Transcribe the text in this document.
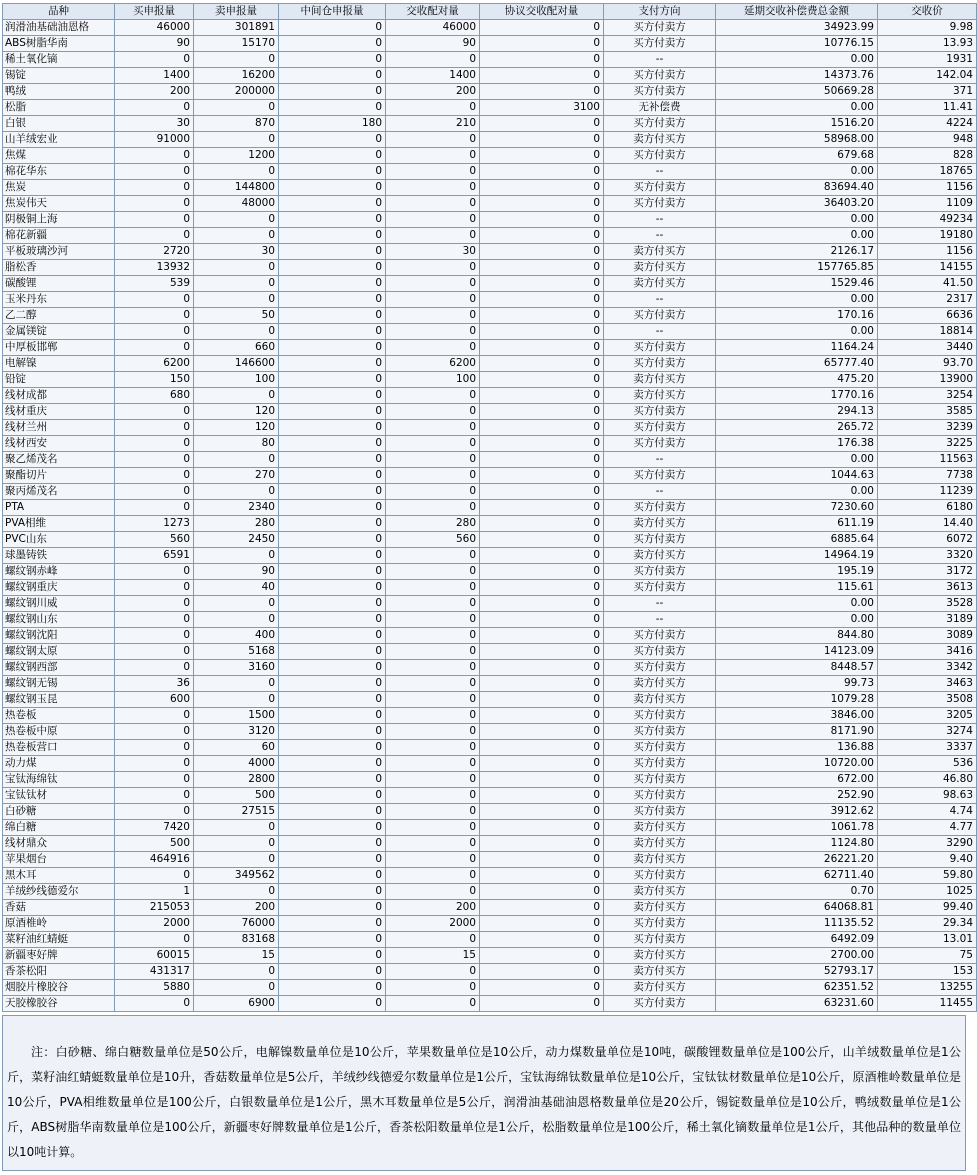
品种	买申报量	卖申报量	中间仓申报量	交收配对量	协议交收配对量	支付方向	延期交收补偿费总金额	交收价
润滑油基础油恩格	46000	301891	0	46000	0	买方付卖方	34923.99	9.98
ABS树脂华南	90	15170	0	90	0	买方付卖方	10776.15	13.93
稀土氧化镝	0	0	0	0	0	--	0.00	1931
锡锭	1400	16200	0	1400	0	买方付卖方	14373.76	142.04
鸭绒	200	200000	0	200	0	买方付卖方	50669.28	371
松脂	0	0	0	0	3100	无补偿费	0.00	11.41
白银	30	870	180	210	0	买方付卖方	1516.20	4224
山羊绒宏业	91000	0	0	0	0	卖方付买方	58968.00	948
焦煤	0	1200	0	0	0	买方付卖方	679.68	828
棉花华东	0	0	0	0	0	--	0.00	18765
焦炭	0	144800	0	0	0	买方付卖方	83694.40	1156
焦炭伟天	0	48000	0	0	0	买方付卖方	36403.20	1109
阴极铜上海	0	0	0	0	0	--	0.00	49234
棉花新疆	0	0	0	0	0	--	0.00	19180
平板玻璃沙河	2720	30	0	30	0	卖方付买方	2126.17	1156
脂松香	13932	0	0	0	0	卖方付买方	157765.85	14155
碳酸锂	539	0	0	0	0	卖方付买方	1529.46	41.50
玉米丹东	0	0	0	0	0	--	0.00	2317
乙二醇	0	50	0	0	0	买方付卖方	170.16	6636
金属镁锭	0	0	0	0	0	--	0.00	18814
中厚板邯郸	0	660	0	0	0	买方付卖方	1164.24	3440
电解镍	6200	146600	0	6200	0	买方付卖方	65777.40	93.70
铅锭	150	100	0	100	0	卖方付买方	475.20	13900
线材成都	680	0	0	0	0	卖方付买方	1770.16	3254
线材重庆	0	120	0	0	0	买方付卖方	294.13	3585
线材兰州	0	120	0	0	0	买方付卖方	265.72	3239
线材西安	0	80	0	0	0	买方付卖方	176.38	3225
聚乙烯茂名	0	0	0	0	0	--	0.00	11563
聚酯切片	0	270	0	0	0	买方付卖方	1044.63	7738
聚丙烯茂名	0	0	0	0	0	--	0.00	11239
PTA	0	2340	0	0	0	买方付卖方	7230.60	6180
PVA相维	1273	280	0	280	0	卖方付买方	611.19	14.40
PVC山东	560	2450	0	560	0	买方付卖方	6885.64	6072
球墨铸铁	6591	0	0	0	0	卖方付买方	14964.19	3320
螺纹钢赤峰	0	90	0	0	0	买方付卖方	195.19	3172
螺纹钢重庆	0	40	0	0	0	买方付卖方	115.61	3613
螺纹钢川威	0	0	0	0	0	--	0.00	3528
螺纹钢山东	0	0	0	0	0	--	0.00	3189
螺纹钢沈阳	0	400	0	0	0	买方付卖方	844.80	3089
螺纹钢太原	0	5168	0	0	0	买方付卖方	14123.09	3416
螺纹钢西部	0	3160	0	0	0	买方付卖方	8448.57	3342
螺纹钢无锡	36	0	0	0	0	卖方付买方	99.73	3463
螺纹钢玉昆	600	0	0	0	0	卖方付买方	1079.28	3508
热卷板	0	1500	0	0	0	买方付卖方	3846.00	3205
热卷板中原	0	3120	0	0	0	买方付卖方	8171.90	3274
热卷板营口	0	60	0	0	0	买方付卖方	136.88	3337
动力煤	0	4000	0	0	0	买方付卖方	10720.00	536
宝钛海绵钛	0	2800	0	0	0	买方付卖方	672.00	46.80
宝钛钛材	0	500	0	0	0	买方付卖方	252.90	98.63
白砂糖	0	27515	0	0	0	买方付卖方	3912.62	4.74
绵白糖	7420	0	0	0	0	卖方付买方	1061.78	4.77
线材鼎众	500	0	0	0	0	卖方付买方	1124.80	3290
苹果烟台	464916	0	0	0	0	卖方付买方	26221.20	9.40
黑木耳	0	349562	0	0	0	买方付卖方	62711.40	59.80
羊绒纱线德爱尔	1	0	0	0	0	卖方付买方	0.70	1025
香菇	215053	200	0	200	0	卖方付买方	64068.81	99.40
原酒椎岭	2000	76000	0	2000	0	买方付卖方	11135.52	29.34
菜籽油红蜻蜓	0	83168	0	0	0	买方付卖方	6492.09	13.01
新疆枣好牌	60015	15	0	15	0	卖方付买方	2700.00	75
香茶松阳	431317	0	0	0	0	卖方付买方	52793.17	153
烟胶片橡胶谷	5880	0	0	0	0	卖方付买方	62351.52	13255
天胶橡胶谷	0	6900	0	0	0	买方付卖方	63231.60	11455

注：白砂糖、绵白糖数量单位是50公斤，电解镍数量单位是10公斤，苹果数量单位是10公斤，动力煤数量单位是10吨，碳酸锂数量单位是100公斤，山羊绒数量单位是1公斤，菜籽油红蜻蜓数量单位是10升，香菇数量单位是5公斤，羊绒纱线德爱尔数量单位是1公斤，宝钛海绵钛数量单位是10公斤，宝钛钛材数量单位是10公斤，原酒椎岭数量单位是10公斤，PVA相维数量单位是100公斤，白银数量单位是1公斤，黑木耳数量单位是5公斤，润滑油基础油恩格数量单位是20公斤，锡锭数量单位是10公斤，鸭绒数量单位是1公斤，ABS树脂华南数量单位是100公斤，新疆枣好牌数量单位是1公斤，香茶松阳数量单位是1公斤，松脂数量单位是100公斤，稀土氧化镝数量单位是1公斤，其他品种的数量单位以10吨计算。
